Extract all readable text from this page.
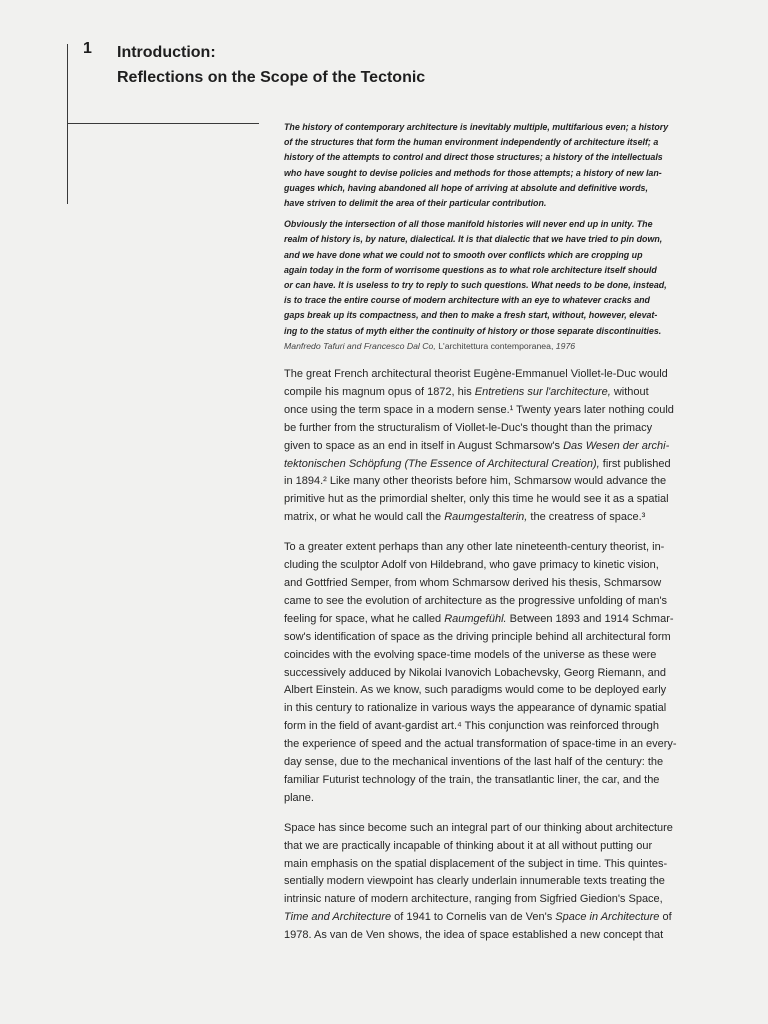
1 Introduction:
Reflections on the Scope of the Tectonic
The history of contemporary architecture is inevitably multiple, multifarious even; a history
of the structures that form the human environment independently of architecture itself; a
history of the attempts to control and direct those structures; a history of the intellectuals
who have sought to devise policies and methods for those attempts; a history of new lan-
guages which, having abandoned all hope of arriving at absolute and definitive words,
have striven to delimit the area of their particular contribution.
Obviously the intersection of all those manifold histories will never end up in unity. The
realm of history is, by nature, dialectical. It is that dialectic that we have tried to pin down,
and we have done what we could not to smooth over conflicts which are cropping up
again today in the form of worrisome questions as to what role architecture itself should
or can have. It is useless to try to reply to such questions. What needs to be done, instead,
is to trace the entire course of modern architecture with an eye to whatever cracks and
gaps break up its compactness, and then to make a fresh start, without, however, elevat-
ing to the status of myth either the continuity of history or those separate discontinuities.
Manfredo Tafuri and Francesco Dal Co, L'architettura contemporanea, 1976
The great French architectural theorist Eugène-Emmanuel Viollet-le-Duc would
compile his magnum opus of 1872, his Entretiens sur l'architecture, without
once using the term space in a modern sense.¹ Twenty years later nothing could
be further from the structuralism of Viollet-le-Duc's thought than the primacy
given to space as an end in itself in August Schmarsow's Das Wesen der archi-
tektonischen Schöpfung (The Essence of Architectural Creation), first published
in 1894.² Like many other theorists before him, Schmarsow would advance the
primitive hut as the primordial shelter, only this time he would see it as a spatial
matrix, or what he would call the Raumgestalterin, the creatress of space.³
To a greater extent perhaps than any other late nineteenth-century theorist, in-
cluding the sculptor Adolf von Hildebrand, who gave primacy to kinetic vision,
and Gottfried Semper, from whom Schmarsow derived his thesis, Schmarsow
came to see the evolution of architecture as the progressive unfolding of man's
feeling for space, what he called Raumgefühl. Between 1893 and 1914 Schmar-
sow's identification of space as the driving principle behind all architectural form
coincides with the evolving space-time models of the universe as these were
successively adduced by Nikolai Ivanovich Lobachevsky, Georg Riemann, and
Albert Einstein. As we know, such paradigms would come to be deployed early
in this century to rationalize in various ways the appearance of dynamic spatial
form in the field of avant-gardist art.⁴ This conjunction was reinforced through
the experience of speed and the actual transformation of space-time in an every-
day sense, due to the mechanical inventions of the last half of the century: the
familiar Futurist technology of the train, the transatlantic liner, the car, and the
plane.
Space has since become such an integral part of our thinking about architecture
that we are practically incapable of thinking about it at all without putting our
main emphasis on the spatial displacement of the subject in time. This quintes-
sentially modern viewpoint has clearly underlain innumerable texts treating the
intrinsic nature of modern architecture, ranging from Sigfried Giedion's Space,
Time and Architecture of 1941 to Cornelis van de Ven's Space in Architecture of
1978. As van de Ven shows, the idea of space established a new concept that
